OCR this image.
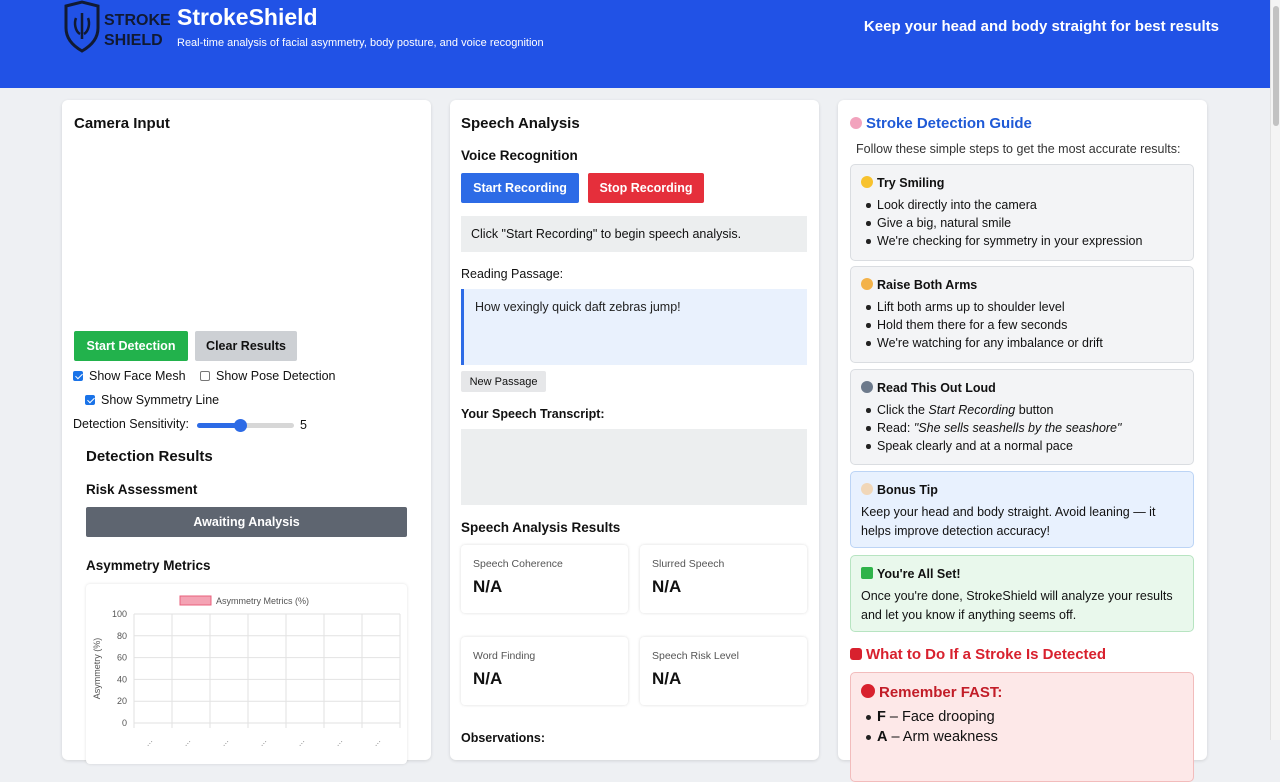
STROKE
SHIELD
StrokeShield
Real-time analysis of facial asymmetry, body posture, and voice recognition
Keep your head and body straight for best results
Camera Input
Start Detection	Clear Results
Show Face Mesh Show Pose Detection
Show Symmetry Line
Detection Sensitivity:	5
Detection Results
Risk Assessment
Awaiting Analysis
Asymmetry Metrics
Asymmetry Metrics (%)
100
80
60
40
20
0
…	…	…	…	…	…	…
Asymmetry (%)
Speech Analysis
Voice Recognition
Start Recording	Stop Recording
Click "Start Recording" to begin speech analysis.
Reading Passage:
How vexingly quick daft zebras jump!
New Passage
Your Speech Transcript:
Speech Analysis Results
Speech Coherence
N/A
Slurred Speech
N/A
Word Finding
N/A
Speech Risk Level
N/A
Observations:
Stroke Detection Guide
Follow these simple steps to get the most accurate results:
Try Smiling
Look directly into the camera
Give a big, natural smile
We're checking for symmetry in your expression
Raise Both Arms
Lift both arms up to shoulder level
Hold them there for a few seconds
We're watching for any imbalance or drift
Read This Out Loud
Click the Start Recording button
Read: "She sells seashells by the seashore"
Speak clearly and at a normal pace
Bonus Tip

Keep your head and body straight. Avoid leaning — it helps improve detection accuracy!

You're All Set!

Once you're done, StrokeShield will analyze your results and let you know if anything seems off.

What to Do If a Stroke Is Detected
Remember FAST:
F – Face drooping
A – Arm weakness
